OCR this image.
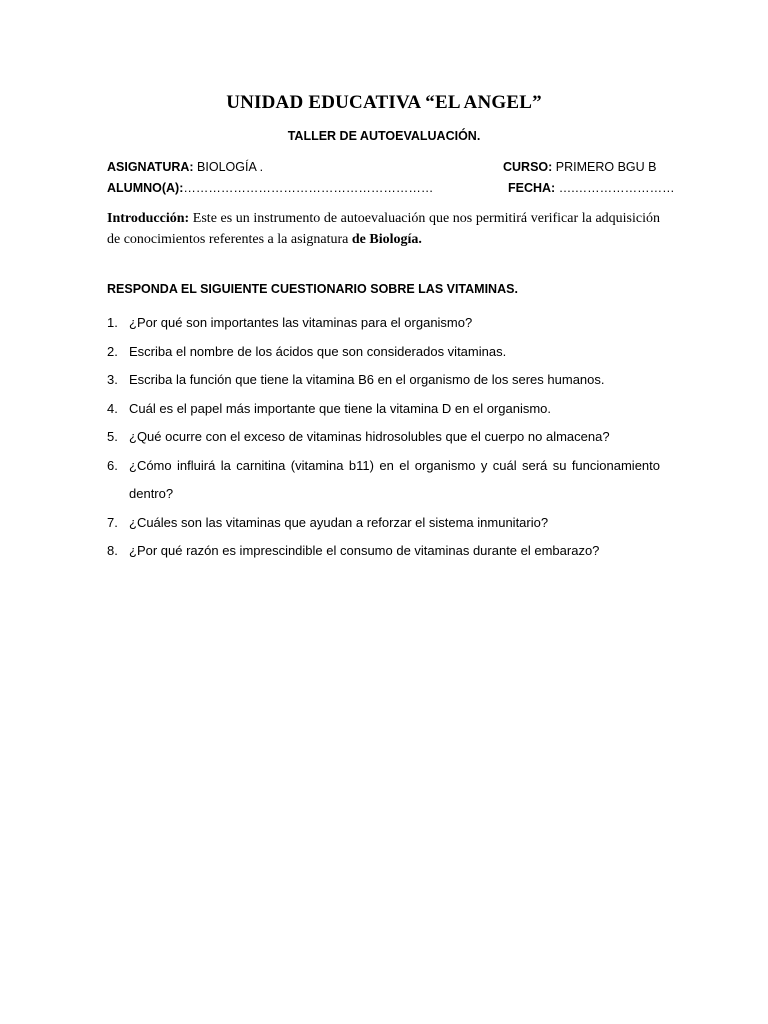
UNIDAD EDUCATIVA “EL ANGEL”
TALLER DE AUTOEVALUACIÓN.
ASIGNATURA: BIOLOGÍA .	CURSO: PRIMERO BGU B
ALUMNO(A):……………………………………………………	FECHA: ….……………………
Introducción: Este es un instrumento de autoevaluación que nos permitirá verificar la adquisición de conocimientos referentes a la asignatura de Biología.
RESPONDA EL SIGUIENTE CUESTIONARIO SOBRE LAS VITAMINAS.
1. ¿Por qué son importantes las vitaminas para el organismo?
2. Escriba el nombre de los ácidos que son considerados vitaminas.
3. Escriba la función que tiene la vitamina B6 en el organismo de los seres humanos.
4. Cuál es el papel más importante que tiene la vitamina D en el organismo.
5. ¿Qué ocurre con el exceso de vitaminas hidrosolubles que el cuerpo no almacena?
6. ¿Cómo influirá la carnitina (vitamina b11) en el organismo y cuál será su funcionamiento dentro?
7. ¿Cuáles son las vitaminas que ayudan a reforzar el sistema inmunitario?
8. ¿Por qué razón es imprescindible el consumo de vitaminas durante el embarazo?
